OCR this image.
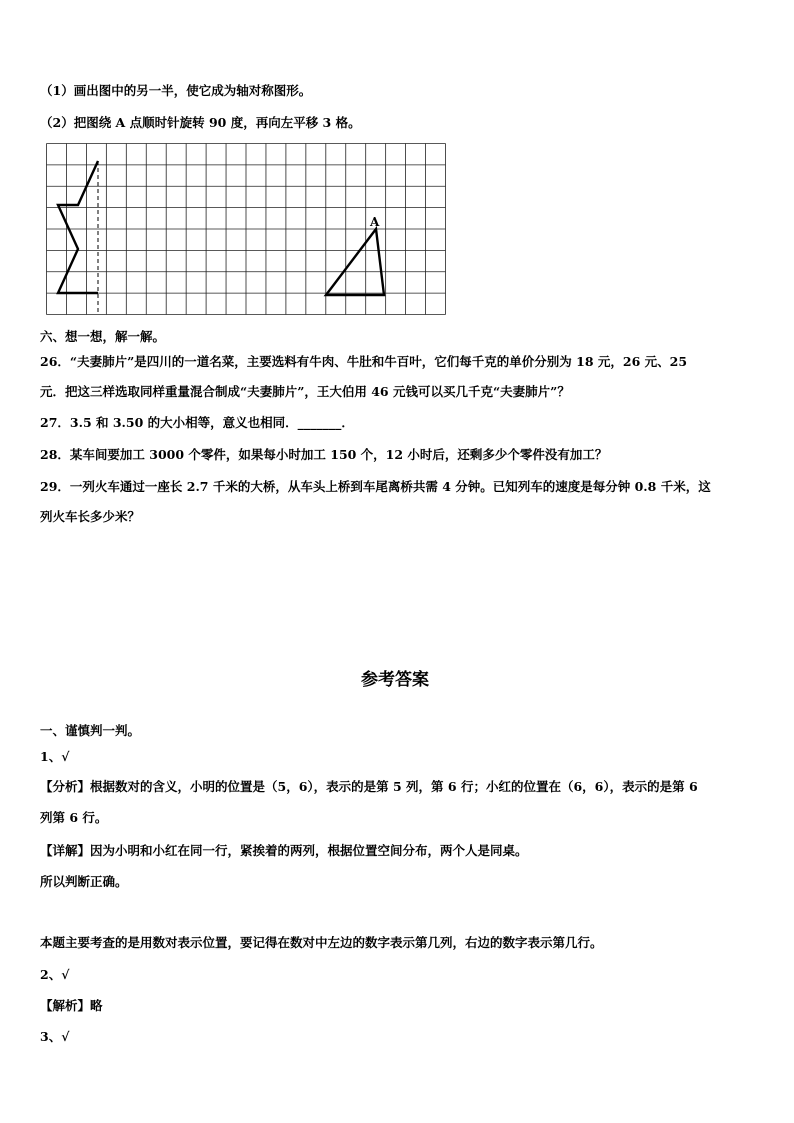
（1）画出图中的另一半，使它成为轴对称图形。
（2）把图绕 A 点顺时针旋转 90 度，再向左平移 3 格。
A
六、想一想，解一解。
26．“夫妻肺片”是四川的一道名菜，主要选料有牛肉、牛肚和牛百叶，它们每千克的单价分别为 18 元，26 元、25
元．把这三样选取同样重量混合制成“夫妻肺片”，王大伯用 46 元钱可以买几千克“夫妻肺片”？
27．3.5 和 3.50 的大小相等，意义也相同．_______．
28．某车间要加工 3000 个零件，如果每小时加工 150 个，12 小时后，还剩多少个零件没有加工？
29．一列火车通过一座长 2.7 千米的大桥，从车头上桥到车尾离桥共需 4 分钟。已知列车的速度是每分钟 0.8 千米，这
列火车长多少米？
参考答案
一、谨慎判一判。
1、√
【分析】根据数对的含义，小明的位置是（5，6），表示的是第 5 列，第 6 行；小红的位置在（6，6），表示的是第 6
列第 6 行。
【详解】因为小明和小红在同一行，紧挨着的两列，根据位置空间分布，两个人是同桌。
所以判断正确。
本题主要考查的是用数对表示位置，要记得在数对中左边的数字表示第几列，右边的数字表示第几行。
2、√
【解析】略
3、√
